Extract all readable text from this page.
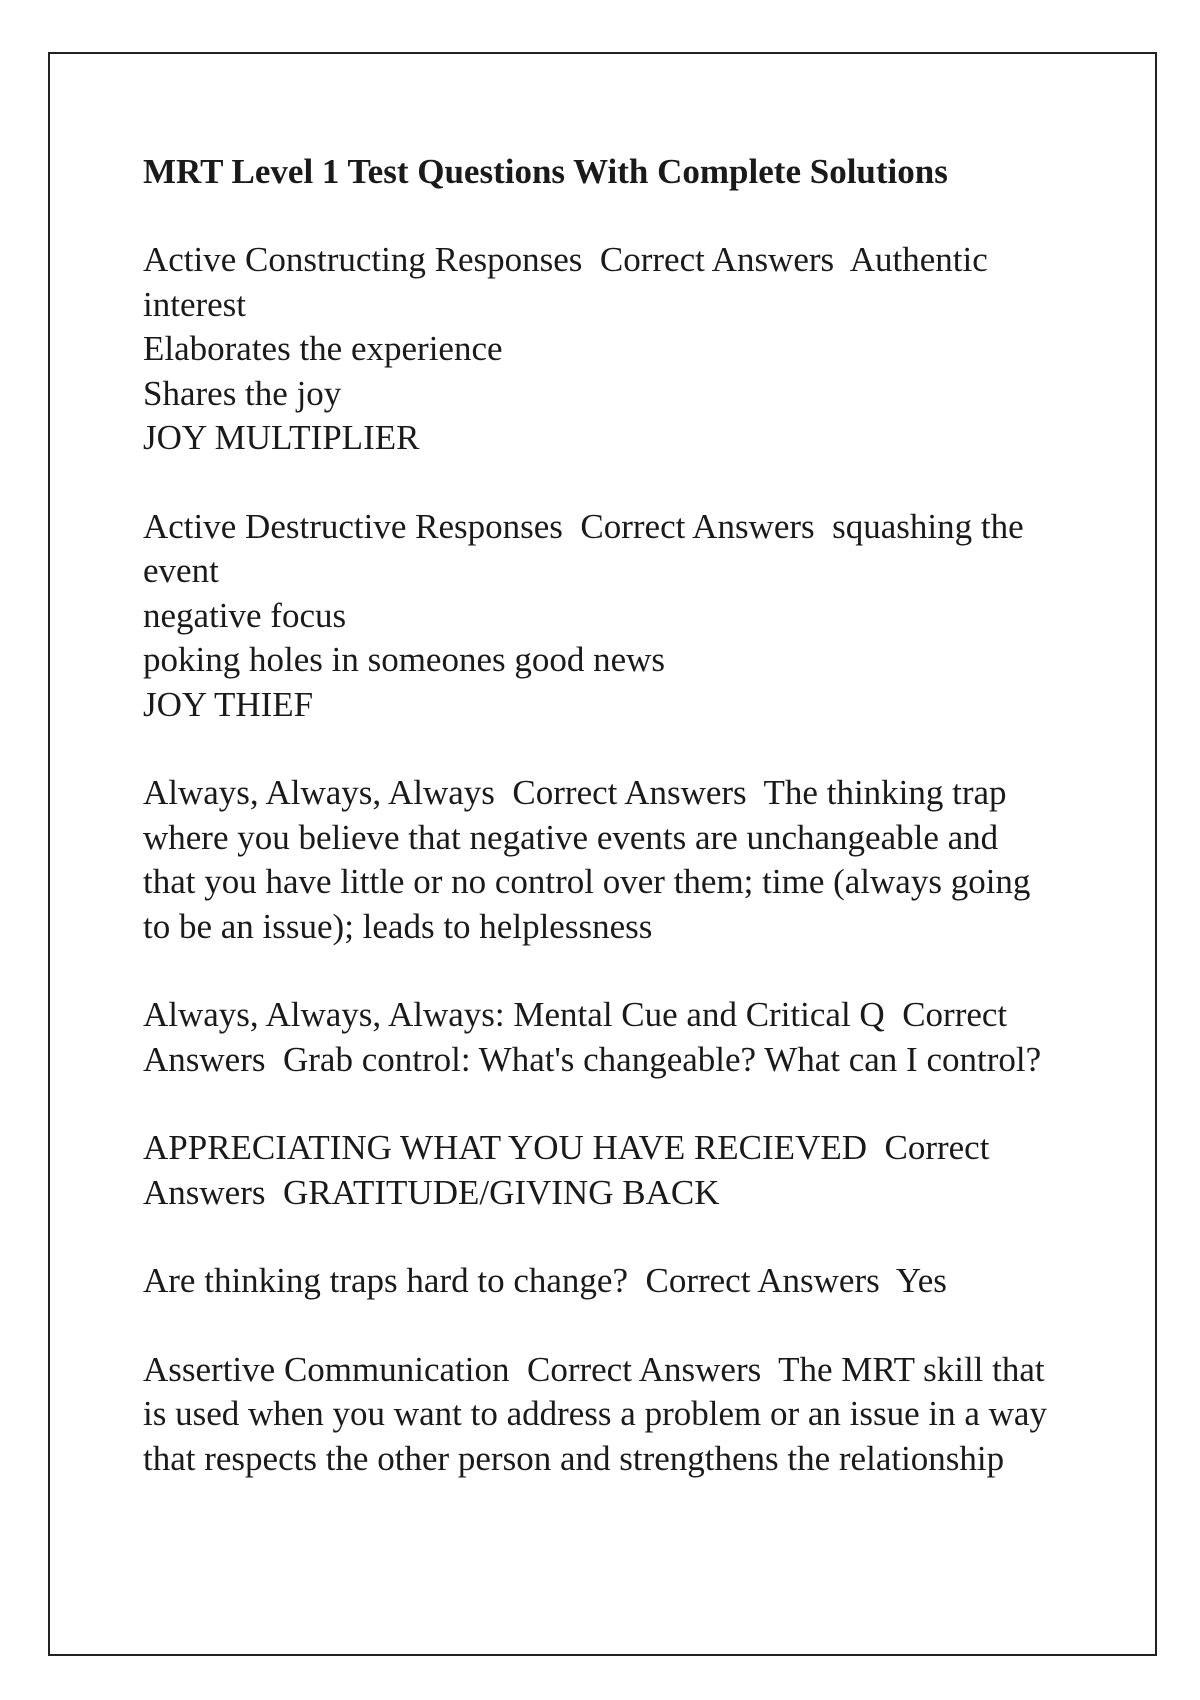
MRT Level 1 Test Questions With Complete Solutions
Active Constructing Responses  Correct Answers  Authentic
interest
Elaborates the experience
Shares the joy
JOY MULTIPLIER
Active Destructive Responses  Correct Answers  squashing the
event
negative focus
poking holes in someones good news
JOY THIEF
Always, Always, Always  Correct Answers  The thinking trap
where you believe that negative events are unchangeable and
that you have little or no control over them; time (always going
to be an issue); leads to helplessness
Always, Always, Always: Mental Cue and Critical Q  Correct
Answers  Grab control: What's changeable? What can I control?
APPRECIATING WHAT YOU HAVE RECIEVED  Correct
Answers  GRATITUDE/GIVING BACK
Are thinking traps hard to change?  Correct Answers  Yes
Assertive Communication  Correct Answers  The MRT skill that
is used when you want to address a problem or an issue in a way
that respects the other person and strengthens the relationship
